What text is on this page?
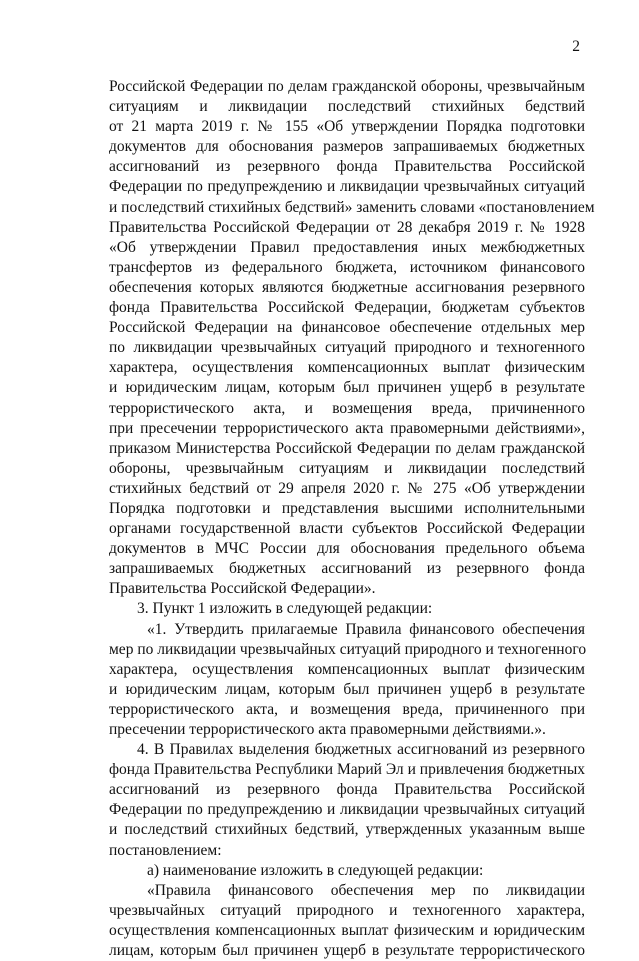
2
Российской Федерации по делам гражданской обороны, чрезвычайным
ситуациям и ликвидации последствий стихийных бедствий
от 21 марта 2019 г. № 155 «Об утверждении Порядка подготовки
документов для обоснования размеров запрашиваемых бюджетных
ассигнований из резервного фонда Правительства Российской
Федерации по предупреждению и ликвидации чрезвычайных ситуаций
и последствий стихийных бедствий» заменить словами «постановлением
Правительства Российской Федерации от 28 декабря 2019 г. № 1928
«Об утверждении Правил предоставления иных межбюджетных
трансфертов из федерального бюджета, источником финансового
обеспечения которых являются бюджетные ассигнования резервного
фонда Правительства Российской Федерации, бюджетам субъектов
Российской Федерации на финансовое обеспечение отдельных мер
по ликвидации чрезвычайных ситуаций природного и техногенного
характера, осуществления компенсационных выплат физическим
и юридическим лицам, которым был причинен ущерб в результате
террористического акта, и возмещения вреда, причиненного
при пресечении террористического акта правомерными действиями»,
приказом Министерства Российской Федерации по делам гражданской
обороны, чрезвычайным ситуациям и ликвидации последствий
стихийных бедствий от 29 апреля 2020 г. № 275 «Об утверждении
Порядка подготовки и представления высшими исполнительными
органами государственной власти субъектов Российской Федерации
документов в МЧС России для обоснования предельного объема
запрашиваемых бюджетных ассигнований из резервного фонда
Правительства Российской Федерации».
3. Пункт 1 изложить в следующей редакции:
«1. Утвердить прилагаемые Правила финансового обеспечения
мер по ликвидации чрезвычайных ситуаций природного и техногенного
характера, осуществления компенсационных выплат физическим
и юридическим лицам, которым был причинен ущерб в результате
террористического акта, и возмещения вреда, причиненного при
пресечении террористического акта правомерными действиями.».
4. В Правилах выделения бюджетных ассигнований из резервного
фонда Правительства Республики Марий Эл и привлечения бюджетных
ассигнований из резервного фонда Правительства Российской
Федерации по предупреждению и ликвидации чрезвычайных ситуаций
и последствий стихийных бедствий, утвержденных указанным выше
постановлением:
а) наименование изложить в следующей редакции:
«Правила финансового обеспечения мер по ликвидации
чрезвычайных ситуаций природного и техногенного характера,
осуществления компенсационных выплат физическим и юридическим
лицам, которым был причинен ущерб в результате террористического
